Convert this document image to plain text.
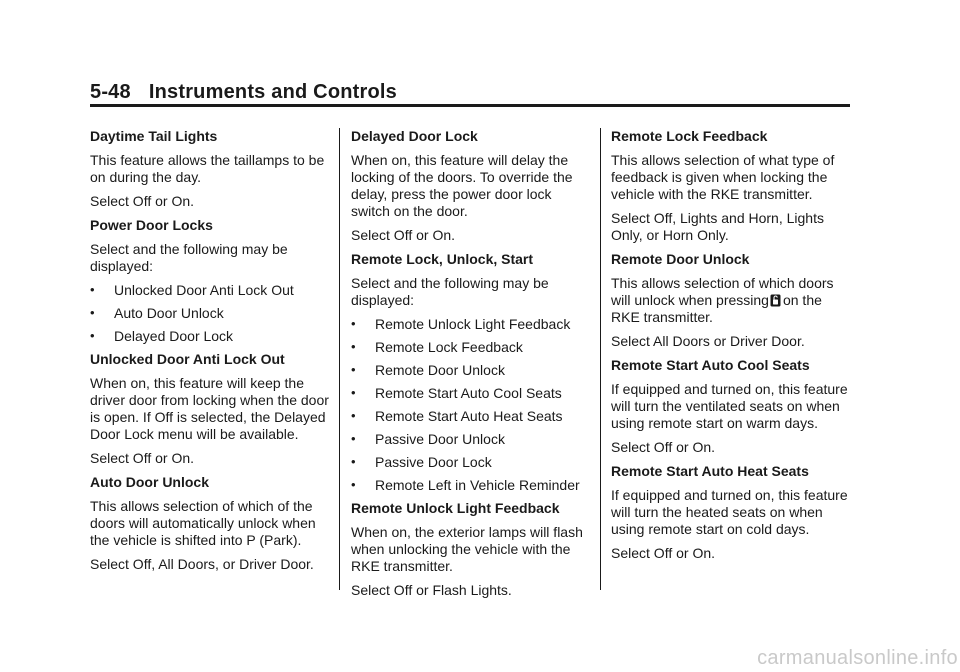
5-48 Instruments and Controls
Daytime Tail Lights
This feature allows the taillamps to be on during the day.
Select Off or On.
Power Door Locks
Select and the following may be displayed:
• Unlocked Door Anti Lock Out
• Auto Door Unlock
• Delayed Door Lock
Unlocked Door Anti Lock Out
When on, this feature will keep the driver door from locking when the door is open. If Off is selected, the Delayed Door Lock menu will be available.
Select Off or On.
Auto Door Unlock
This allows selection of which of the doors will automatically unlock when the vehicle is shifted into P (Park).
Select Off, All Doors, or Driver Door.
Delayed Door Lock
When on, this feature will delay the locking of the doors. To override the delay, press the power door lock switch on the door.
Select Off or On.
Remote Lock, Unlock, Start
Select and the following may be displayed:
• Remote Unlock Light Feedback
• Remote Lock Feedback
• Remote Door Unlock
• Remote Start Auto Cool Seats
• Remote Start Auto Heat Seats
• Passive Door Unlock
• Passive Door Lock
• Remote Left in Vehicle Reminder
Remote Unlock Light Feedback
When on, the exterior lamps will flash when unlocking the vehicle with the RKE transmitter.
Select Off or Flash Lights.
Remote Lock Feedback
This allows selection of what type of feedback is given when locking the vehicle with the RKE transmitter.
Select Off, Lights and Horn, Lights Only, or Horn Only.
Remote Door Unlock
This allows selection of which doors will unlock when pressing on the RKE transmitter.
Select All Doors or Driver Door.
Remote Start Auto Cool Seats
If equipped and turned on, this feature will turn the ventilated seats on when using remote start on warm days.
Select Off or On.
Remote Start Auto Heat Seats
If equipped and turned on, this feature will turn the heated seats on when using remote start on cold days.
Select Off or On.
carmanualsonline.info
